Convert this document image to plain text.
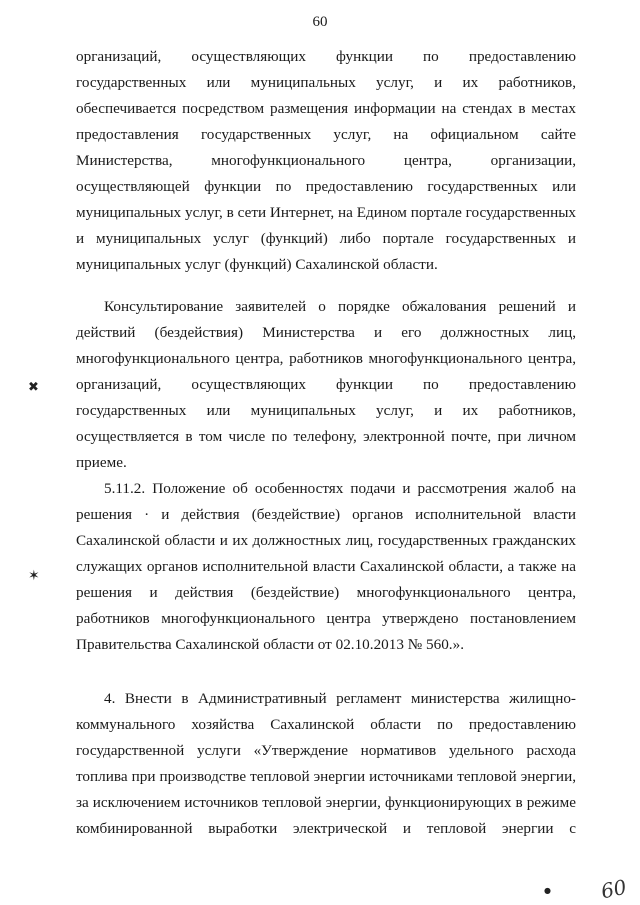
60
организаций, осуществляющих функции по предоставлению
государственных или муниципальных услуг, и их работников,
обеспечивается посредством размещения информации на стендах в местах
предоставления государственных услуг, на официальном сайте
Министерства, многофункционального центра, организации,
осуществляющей функции по предоставлению государственных или
муниципальных услуг, в сети Интернет, на Едином портале государственных
и муниципальных услуг (функций) либо портале государственных и
муниципальных услуг (функций) Сахалинской области.
Консультирование заявителей о порядке обжалования решений и
действий (бездействия) Министерства и его должностных лиц,
многофункционального центра, работников многофункционального центра,
организаций, осуществляющих функции по предоставлению
государственных или муниципальных услуг, и их работников,
осуществляется в том числе по телефону, электронной почте, при личном
приеме.
5.11.2. Положение об особенностях подачи и рассмотрения жалоб на
решения · и действия (бездействие) органов исполнительной власти
Сахалинской области и их должностных лиц, государственных гражданских
служащих органов исполнительной власти Сахалинской области, а также на
решения и действия (бездействие) многофункционального центра,
работников многофункционального центра утверждено постановлением
Правительства Сахалинской области от 02.10.2013 № 560.».
4. Внести в Административный регламент министерства жилищно-
коммунального хозяйства Сахалинской области по предоставлению
государственной услуги «Утверждение нормативов удельного расхода
топлива при производстве тепловой энергии источниками тепловой энергии,
за исключением источников тепловой энергии, функционирующих в режиме
комбинированной выработки электрической и тепловой энергии с
✖
✶
● 60
